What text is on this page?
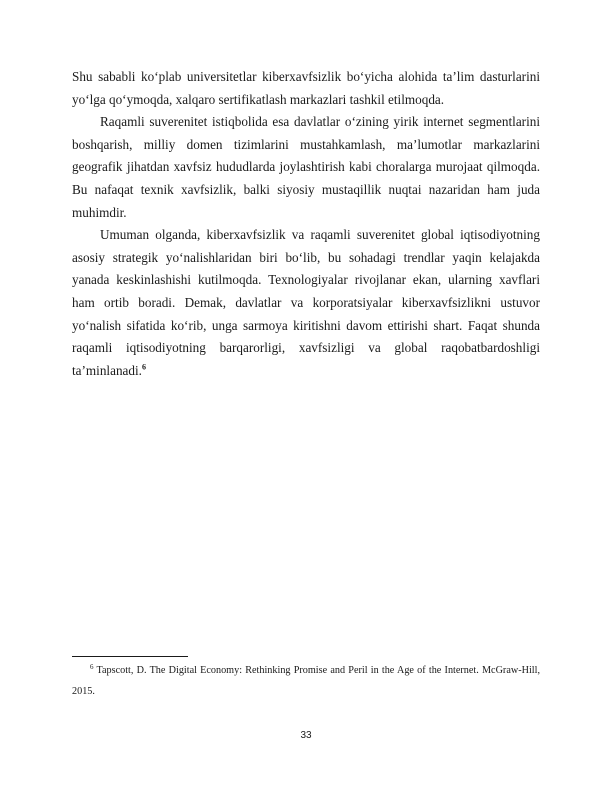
Shu sababli ko‘plab universitetlar kiberxavfsizlik bo‘yicha alohida ta’lim dasturlarini yo‘lga qo‘ymoqda, xalqaro sertifikatlash markazlari tashkil etilmoqda.

Raqamli suverenitet istiqbolida esa davlatlar o‘zining yirik internet segmentlarini boshqarish, milliy domen tizimlarini mustahkamlash, ma’lumotlar markazlarini geografik jihatdan xavfsiz hududlarda joylashtirish kabi choralarga murojaat qilmoqda. Bu nafaqat texnik xavfsizlik, balki siyosiy mustaqillik nuqtai nazaridan ham juda muhimdir.

Umuman olganda, kiberxavfsizlik va raqamli suverenitet global iqtisodiyotning asosiy strategik yo‘nalishlaridan biri bo‘lib, bu sohadagi trendlar yaqin kelajakda yanada keskinlashishi kutilmoqda. Texnologiyalar rivojlanar ekan, ularning xavflari ham ortib boradi. Demak, davlatlar va korporatsiyalar kiberxavfsizlikni ustuvor yo‘nalish sifatida ko‘rib, unga sarmoya kiritishni davom ettirishi shart. Faqat shunda raqamli iqtisodiyotning barqarorligi, xavfsizligi va global raqobatbardoshligi ta’minlanadi.$^6$

$^6$ Tapscott, D. The Digital Economy: Rethinking Promise and Peril in the Age of the Internet. McGraw-Hill, 2015.

33
